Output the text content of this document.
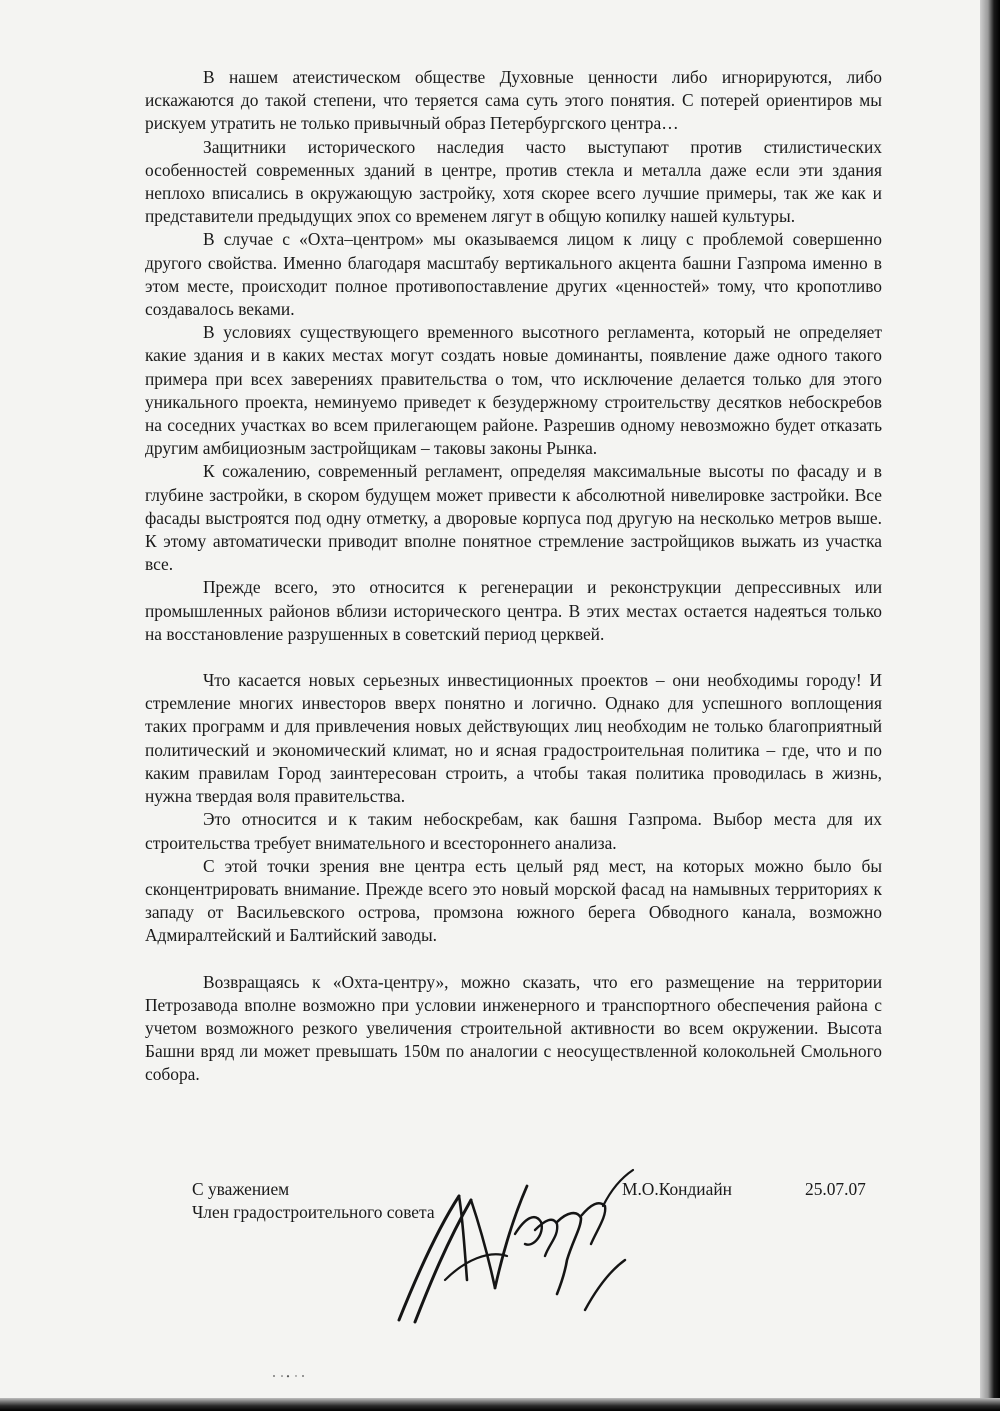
В нашем атеистическом обществе Духовные ценности либо игнорируются, либо искажаются до такой степени, что теряется сама суть этого понятия. С потерей ориентиров мы рискуем утратить не только привычный образ Петербургского центра…

Защитники исторического наследия часто выступают против стилистических особенностей современных зданий в центре, против стекла и металла даже если эти здания неплохо вписались в окружающую застройку, хотя скорее всего лучшие примеры, так же как и представители предыдущих эпох со временем лягут в общую копилку нашей культуры.

В случае с «Охта–центром» мы оказываемся лицом к лицу с проблемой совершенно другого свойства. Именно благодаря масштабу вертикального акцента башни Газпрома именно в этом месте, происходит полное противопоставление других «ценностей» тому, что кропотливо создавалось веками.

В условиях существующего временного высотного регламента, который не определяет какие здания и в каких местах могут создать новые доминанты, появление даже одного такого примера при всех заверениях правительства о том, что исключение делается только для этого уникального проекта, неминуемо приведет к безудержному строительству десятков небоскребов на соседних участках во всем прилегающем районе. Разрешив одному невозможно будет отказать другим амбициозным застройщикам – таковы законы Рынка.

К сожалению, современный регламент, определяя максимальные высоты по фасаду и в глубине застройки, в скором будущем может привести к абсолютной нивелировке застройки. Все фасады выстроятся под одну отметку, а дворовые корпуса под другую на несколько метров выше. К этому автоматически приводит вполне понятное стремление застройщиков выжать из участка все.

Прежде всего, это относится к регенерации и реконструкции депрессивных или промышленных районов вблизи исторического центра. В этих местах остается надеяться только на восстановление разрушенных в советский период церквей.

Что касается новых серьезных инвестиционных проектов – они необходимы городу! И стремление многих инвесторов вверх понятно и логично. Однако для успешного воплощения таких программ и для привлечения новых действующих лиц необходим не только благоприятный политический и экономический климат, но и ясная градостроительная политика – где, что и по каким правилам Город заинтересован строить, а чтобы такая политика проводилась в жизнь, нужна твердая воля правительства.

Это относится и к таким небоскребам, как башня Газпрома. Выбор места для их строительства требует внимательного и всестороннего анализа.

С этой точки зрения вне центра есть целый ряд мест, на которых можно было бы сконцентрировать внимание. Прежде всего это новый морской фасад на намывных территориях к западу от Васильевского острова, промзона южного берега Обводного канала, возможно Адмиралтейский и Балтийский заводы.

Возвращаясь к «Охта-центру», можно сказать, что его размещение на территории Петрозавода вполне возможно при условии инженерного и транспортного обеспечения района с учетом возможного резкого увеличения строительной активности во всем окружении. Высота Башни вряд ли может превышать 150м по аналогии с неосуществленной колокольней Смольного собора.

С уважением
Член градостроительного совета
М.О.Кондиайн	25.07.07
